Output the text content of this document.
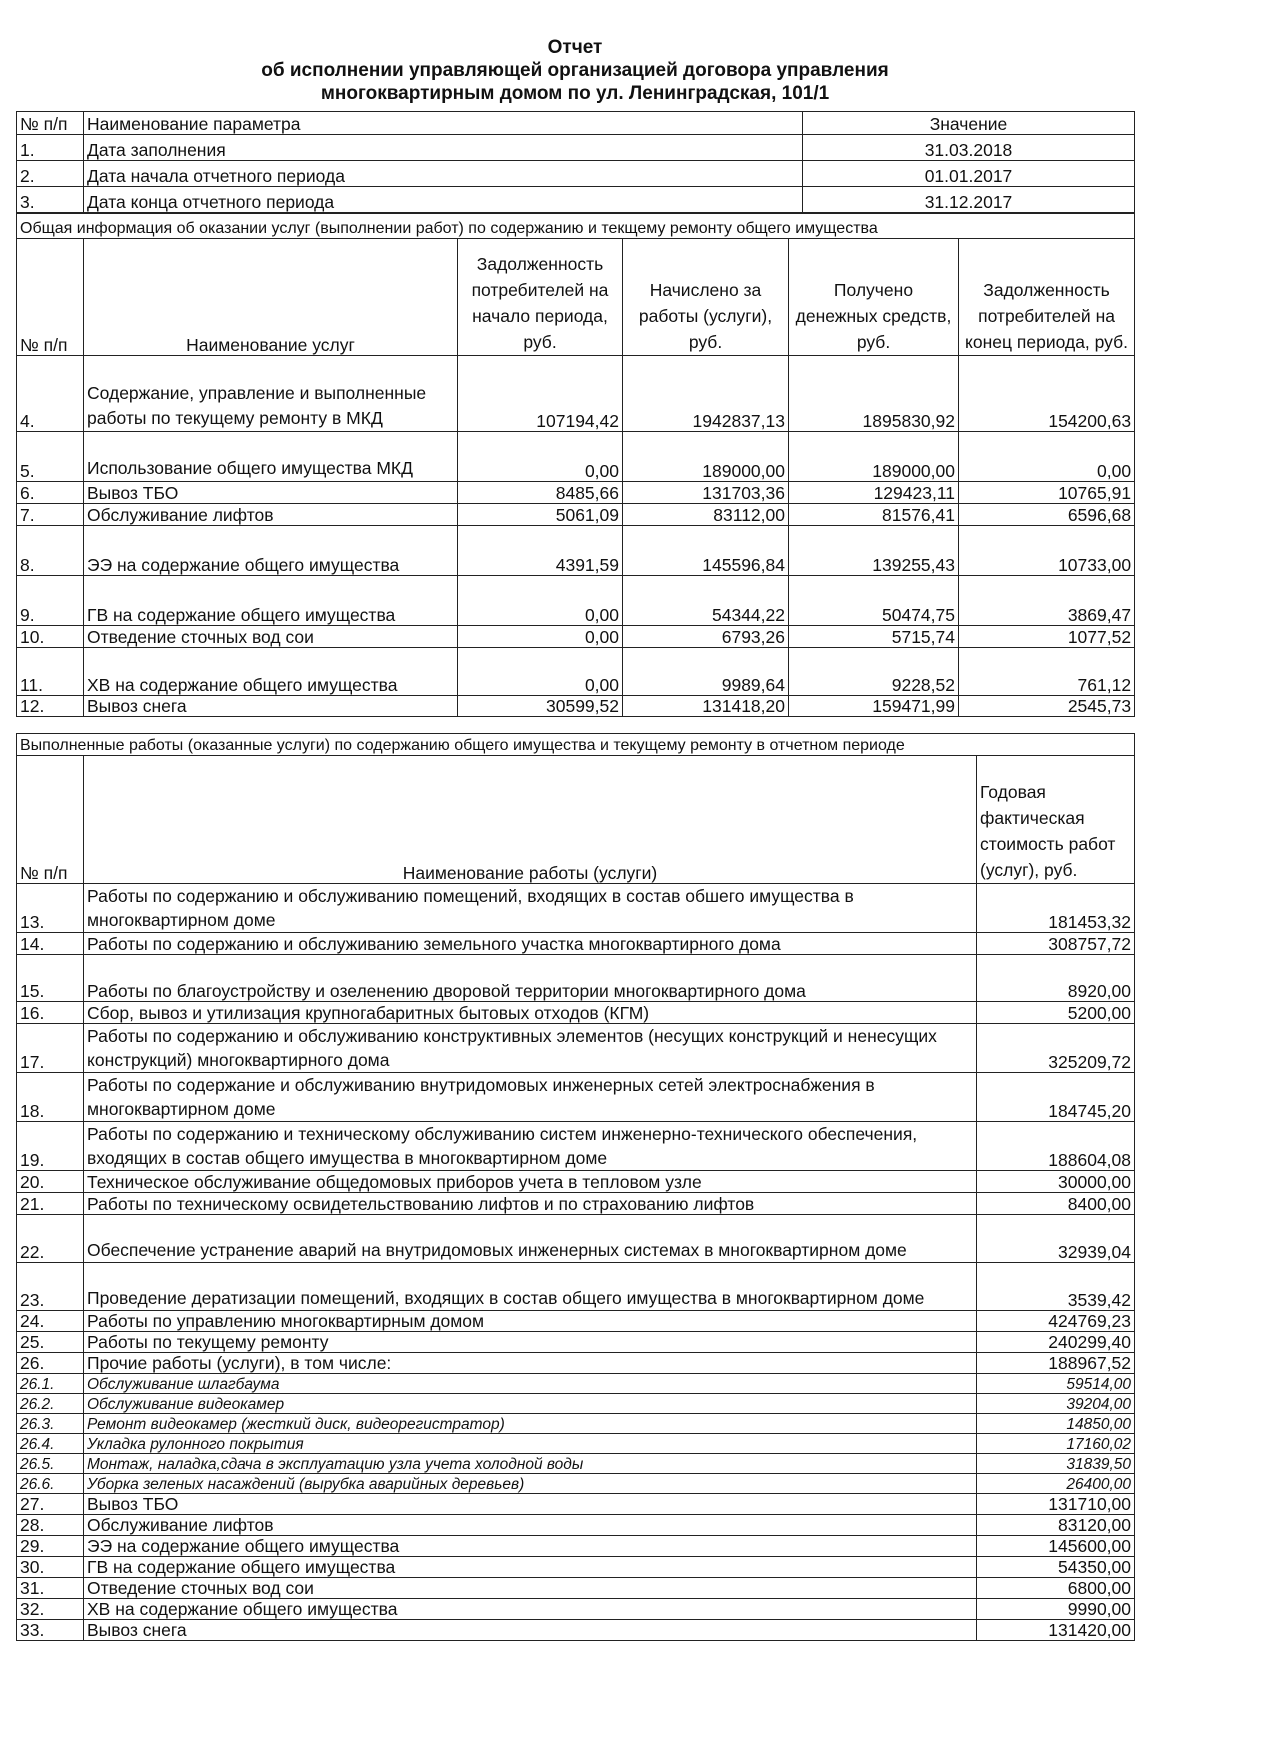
Отчет
об исполнении управляющей организацией договора управления
многоквартирным домом по ул. Ленинградская, 101/1
№ п/п	Наименование параметра	Значение
1.	Дата заполнения	31.03.2018
2.	Дата начала отчетного периода	01.01.2017
3.	Дата конца отчетного периода	31.12.2017
Общая информация об оказании услуг (выполнении работ) по содержанию и текщему ремонту общего имущества					
№ п/п	Наименование услуг	Задолженность потребителей на начало периода, руб.	Начислено за работы (услуги), руб.	Получено денежных средств, руб.	Задолженность потребителей на конец периода, руб.
4.	Содержание, управление и выполненные работы по текущему ремонту в МКД	107194,42	1942837,13	1895830,92	154200,63
5.	Использование общего имущества МКД	0,00	189000,00	189000,00	0,00
6.	Вывоз ТБО	8485,66	131703,36	129423,11	10765,91
7.	Обслуживание лифтов	5061,09	83112,00	81576,41	6596,68
8.	ЭЭ на содержание общего имущества	4391,59	145596,84	139255,43	10733,00
9.	ГВ на содержание общего имущества	0,00	54344,22	50474,75	3869,47
10.	Отведение сточных вод сои	0,00	6793,26	5715,74	1077,52
11.	ХВ на содержание общего имущества	0,00	9989,64	9228,52	761,12
12.	Вывоз снега	30599,52	131418,20	159471,99	2545,73
Выполненные работы (оказанные услуги) по содержанию общего имущества и текущему ремонту в отчетном периоде		
№ п/п	Наименование работы (услуги)	Годовая фактическая стоимость работ (услуг), руб.
13.	Работы по содержанию и обслуживанию помещений, входящих в состав обшего имущества в многоквартирном доме	181453,32
14.	Работы по содержанию и обслуживанию земельного участка многоквартирного дома	308757,72
15.	Работы по благоустройству и озеленению дворовой территории многоквартирного дома	8920,00
16.	Сбор, вывоз и утилизация крупногабаритных бытовых отходов (КГМ)	5200,00
17.	Работы по содержанию и обслуживанию конструктивных элементов (несущих конструкций и ненесущих конструкций) многоквартирного дома	325209,72
18.	Работы по содержание и обслуживанию внутридомовых инженерных сетей электроснабжения в многоквартирном доме	184745,20
19.	Работы по содержанию и техническому обслуживанию систем инженерно-технического обеспечения, входящих в состав общего имущества в многоквартирном доме	188604,08
20.	Техническое обслуживание общедомовых приборов учета в тепловом узле	30000,00
21.	Работы по техническому освидетельствованию лифтов и по страхованию лифтов	8400,00
22.	Обеспечение устранение аварий на внутридомовых инженерных системах в многоквартирном доме	32939,04
23.	Проведение дератизации помещений, входящих в состав общего имущества в многоквартирном доме	3539,42
24.	Работы по управлению многоквартирным домом	424769,23
25.	Работы по текущему ремонту	240299,40
26.	Прочие работы (услуги), в том числе:	188967,52
26.1.	Обслуживание шлагбаума	59514,00
26.2.	Обслуживание видеокамер	39204,00
26.3.	Ремонт видеокамер (жесткий диск, видеорегистратор)	14850,00
26.4.	Укладка рулонного покрытия	17160,02
26.5.	Монтаж, наладка,сдача в эксплуатацию узла учета холодной воды	31839,50
26.6.	Уборка зеленых насаждений (вырубка аварийных деревьев)	26400,00
27.	Вывоз ТБО	131710,00
28.	Обслуживание лифтов	83120,00
29.	ЭЭ на содержание общего имущества	145600,00
30.	ГВ на содержание общего имущества	54350,00
31.	Отведение сточных вод сои	6800,00
32.	ХВ на содержание общего имущества	9990,00
33.	Вывоз снега	131420,00
